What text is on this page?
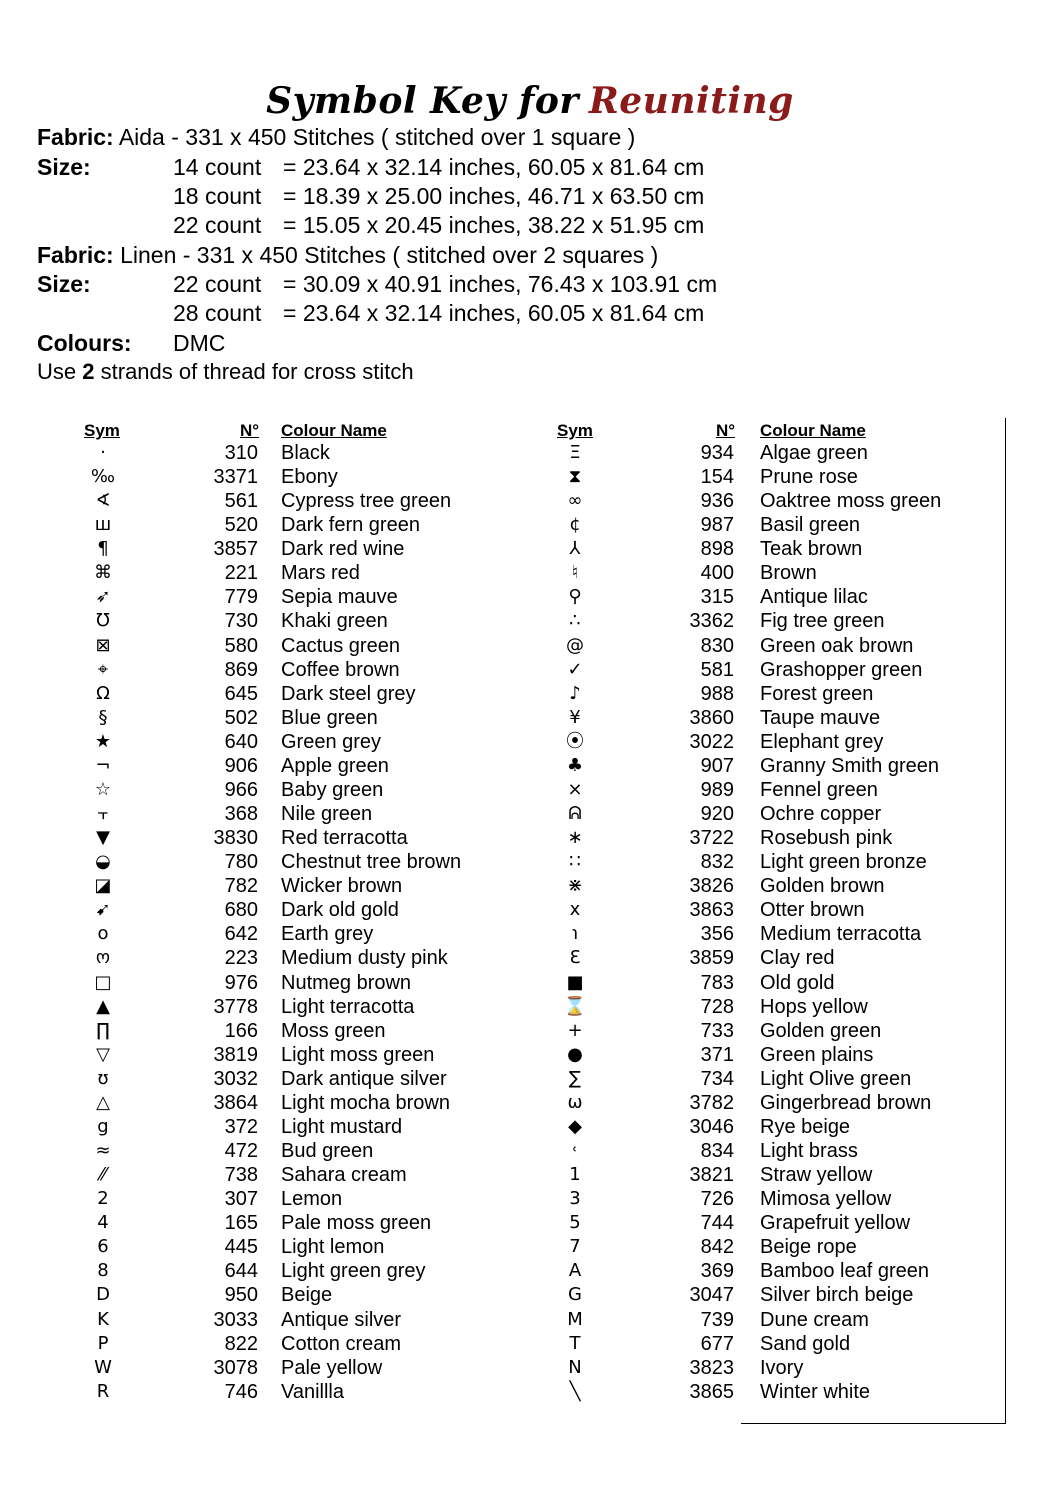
Symbol Key for Reuniting
Fabric: Aida - 331 x 450 Stitches ( stitched over 1 square )
Size:	14 count = 23.64 x 32.14 inches, 60.05 x 81.64 cm
18 count = 18.39 x 25.00 inches, 46.71 x 63.50 cm
22 count = 15.05 x 20.45 inches, 38.22 x 51.95 cm
Fabric: Linen - 331 x 450 Stitches ( stitched over 2 squares )
Size:	22 count = 30.09 x 40.91 inches, 76.43 x 103.91 cm
28 count = 23.64 x 32.14 inches, 60.05 x 81.64 cm
Colours: DMC
Use 2 strands of thread for cross stitch
Sym	N° Colour Name	Sym	N° Colour Name
·	310 Black
‰	3371 Ebony
∢	561 Cypress tree green
ш	520 Dark fern green
¶	3857 Dark red wine
⌘	221 Mars red
➶	779 Sepia mauve
℧	730 Khaki green
⊠	580 Cactus green
⌖	869 Coffee brown
Ω	645 Dark steel grey
§	502 Blue green
★	640 Green grey
¬	906 Apple green
☆	966 Baby green
⫟	368 Nile green
▼	3830 Red terracotta
◒	780 Chestnut tree brown
◪	782 Wicker brown
➹	680 Dark old gold
o	642 Earth grey
ო	223 Medium dusty pink
□	976 Nutmeg brown
▲	3778 Light terracotta
∏	166 Moss green
▽	3819 Light moss green
ʊ	3032 Dark antique silver
△	3864 Light mocha brown
g	372 Light mustard
≈	472 Bud green
⁄⁄	738 Sahara cream
2	307 Lemon
4	165 Pale moss green
6	445 Light lemon
8	644 Light green grey
D	950 Beige
K	3033 Antique silver
P	822 Cotton cream
W	3078 Pale yellow
R	746 Vanillla
Ξ	934 Algae green
⧗	154 Prune rose
∞	936 Oaktree moss green
¢	987 Basil green
⅄	898 Teak brown
♮	400 Brown
⚲	315 Antique lilac
∴	3362 Fig tree green
@	830 Green oak brown
✓	581 Grashopper green
♪	988 Forest green
¥	3860 Taupe mauve
⦿	3022 Elephant grey
♣	907 Granny Smith green
⨯	989 Fennel green
ᕱ	920 Ochre copper
∗	3722 Rosebush pink
∷	832 Light green bronze
⋇	3826 Golden brown
x	3863 Otter brown
℩	356 Medium terracotta
Ɛ	3859 Clay red
■	783 Old gold
⌛	728 Hops yellow
+	733 Golden green
●	371 Green plains
∑	734 Light Olive green
ω	3782 Gingerbread brown
◆	3046 Rye beige
˓	834 Light brass
1	3821 Straw yellow
3	726 Mimosa yellow
5	744 Grapefruit yellow
7	842 Beige rope
A	369 Bamboo leaf green
G	3047 Silver birch beige
M	739 Dune cream
T	677 Sand gold
N	3823 Ivory
╲	3865 Winter white
